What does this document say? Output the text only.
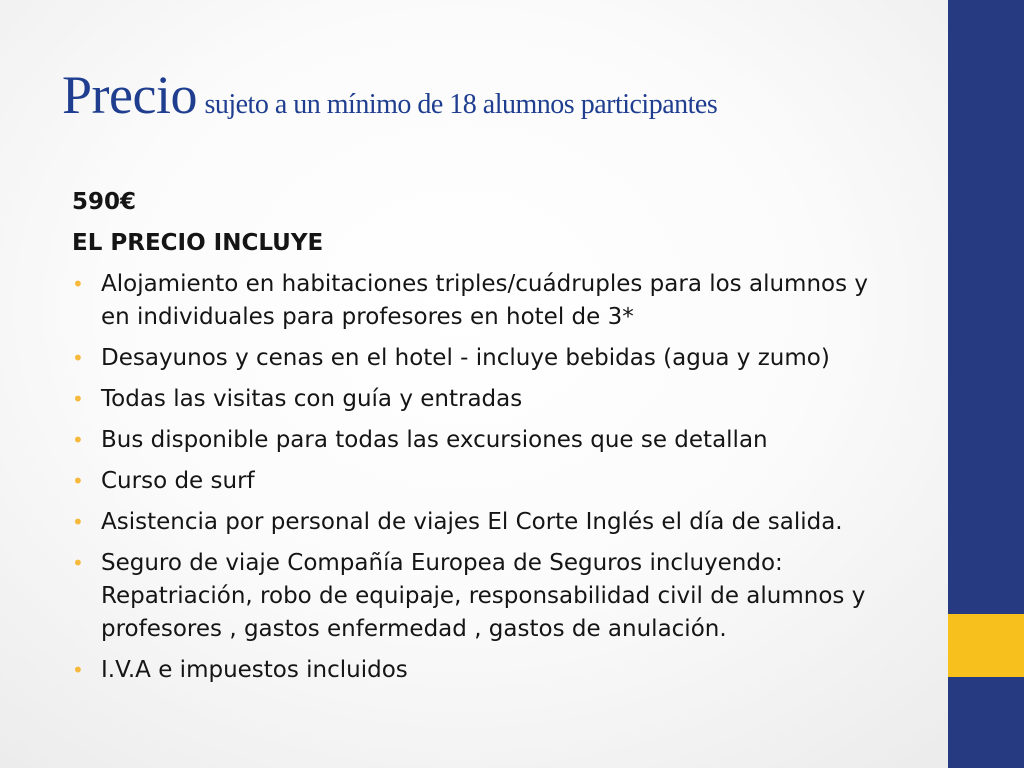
Precio sujeto a un mínimo de 18 alumnos participantes
590€
EL PRECIO INCLUYE
• Alojamiento en habitaciones triples/cuádruples para los alumnos y en individuales para profesores en hotel de 3*
• Desayunos y cenas en el hotel - incluye bebidas (agua y zumo)
• Todas las visitas con guía y entradas
• Bus disponible para todas las excursiones que se detallan
• Curso de surf
• Asistencia por personal de viajes El Corte Inglés el día de salida.
• Seguro de viaje Compañía Europea de Seguros incluyendo: Repatriación, robo de equipaje, responsabilidad civil de alumnos y profesores , gastos enfermedad , gastos de anulación.
• I.V.A e impuestos incluidos
